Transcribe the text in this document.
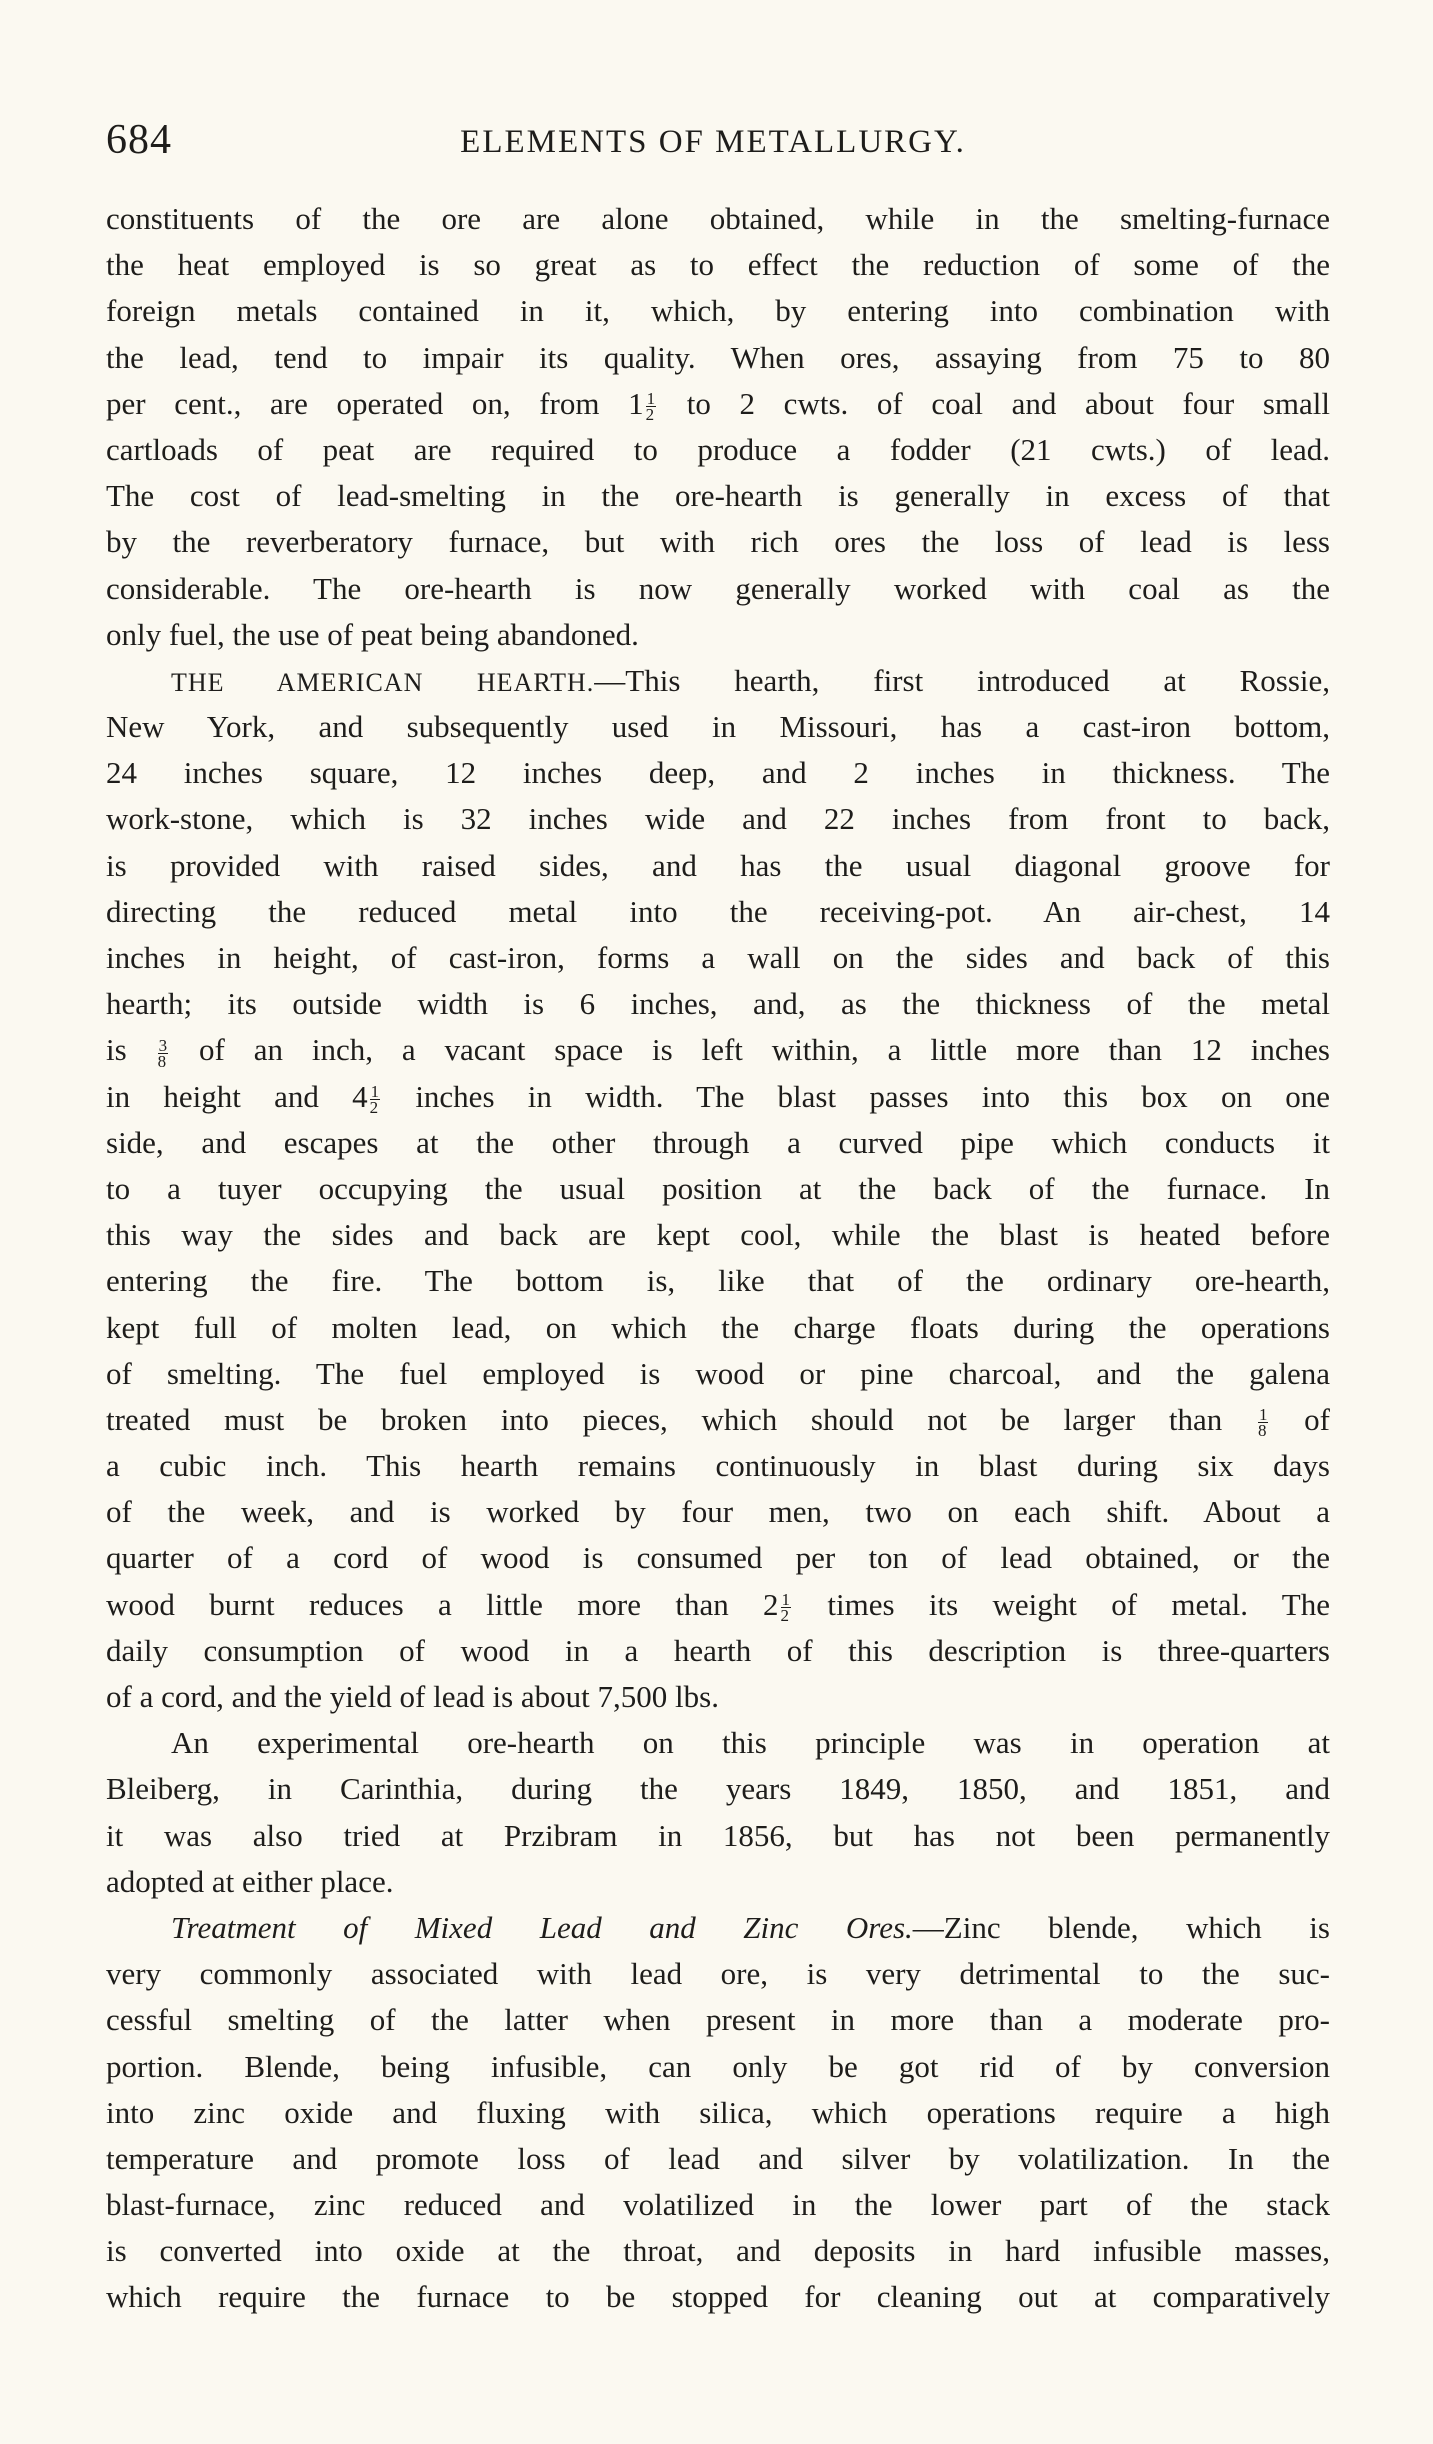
684	ELEMENTS OF METALLURGY.
constituents of the ore are alone obtained, while in the smelting-furnace
the heat employed is so great as to effect the reduction of some of the
foreign metals contained in it, which, by entering into combination with
the lead, tend to impair its quality. When ores, assaying from 75 to 80
per cent., are operated on, from $1 \frac{1}{2}$ to 2 cwts. of coal and about four small
cartloads of peat are required to produce a fodder (21 cwts.) of lead.
The cost of lead-smelting in the ore-hearth is generally in excess of that
by the reverberatory furnace, but with rich ores the loss of lead is less
considerable. The ore-hearth is now generally worked with coal as the
only fuel, the use of peat being abandoned.
THE AMERICAN HEARTH.—This hearth, first introduced at Rossie,
New York, and subsequently used in Missouri, has a cast-iron bottom,
24 inches square, 12 inches deep, and 2 inches in thickness. The
work-stone, which is 32 inches wide and 22 inches from front to back,
is provided with raised sides, and has the usual diagonal groove for
directing the reduced metal into the receiving-pot. An air-chest, 14
inches in height, of cast-iron, forms a wall on the sides and back of this
hearth; its outside width is 6 inches, and, as the thickness of the metal
is $\frac{3}{8}$ of an inch, a vacant space is left within, a little more than 12 inches
in height and $4 \frac{1}{2}$ inches in width. The blast passes into this box on one
side, and escapes at the other through a curved pipe which conducts it
to a tuyer occupying the usual position at the back of the furnace. In
this way the sides and back are kept cool, while the blast is heated before
entering the fire. The bottom is, like that of the ordinary ore-hearth,
kept full of molten lead, on which the charge floats during the operations
of smelting. The fuel employed is wood or pine charcoal, and the galena
treated must be broken into pieces, which should not be larger than $\frac{1}{8}$ of
a cubic inch. This hearth remains continuously in blast during six days
of the week, and is worked by four men, two on each shift. About a
quarter of a cord of wood is consumed per ton of lead obtained, or the
wood burnt reduces a little more than $2 \frac{1}{2}$ times its weight of metal. The
daily consumption of wood in a hearth of this description is three-quarters
of a cord, and the yield of lead is about 7,500 lbs.
An experimental ore-hearth on this principle was in operation at
Bleiberg, in Carinthia, during the years 1849, 1850, and 1851, and
it was also tried at Przibram in 1856, but has not been permanently
adopted at either place.
Treatment of Mixed Lead and Zinc Ores.—Zinc blende, which is
very commonly associated with lead ore, is very detrimental to the suc-
cessful smelting of the latter when present in more than a moderate pro-
portion. Blende, being infusible, can only be got rid of by conversion
into zinc oxide and fluxing with silica, which operations require a high
temperature and promote loss of lead and silver by volatilization. In the
blast-furnace, zinc reduced and volatilized in the lower part of the stack
is converted into oxide at the throat, and deposits in hard infusible masses,
which require the furnace to be stopped for cleaning out at comparatively
